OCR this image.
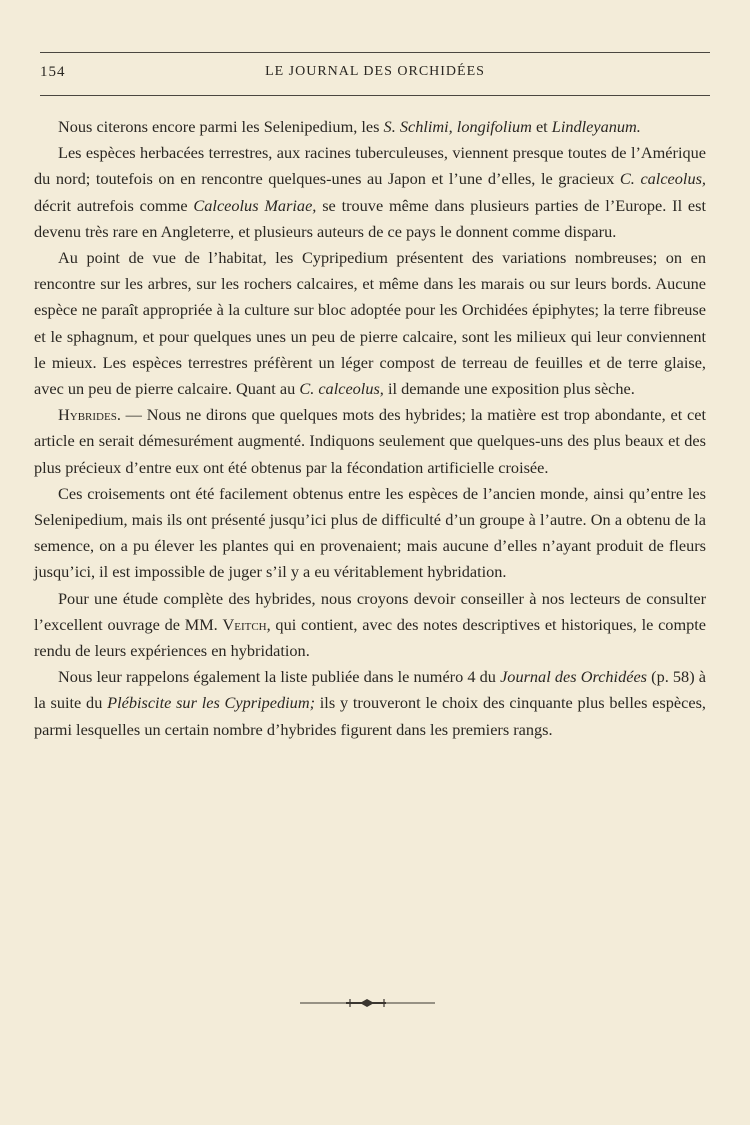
154	LE JOURNAL DES ORCHIDÉES

Nous citerons encore parmi les Selenipedium, les S. Schlimi, longifolium et Lindleyanum.

Les espèces herbacées terrestres, aux racines tuberculeuses, viennent presque toutes de l’Amérique du nord; toutefois on en rencontre quelques-unes au Japon et l’une d’elles, le gracieux C. calceolus, décrit autrefois comme Calceolus Mariae, se trouve même dans plusieurs parties de l’Europe. Il est devenu très rare en Angleterre, et plusieurs auteurs de ce pays le donnent comme disparu.

Au point de vue de l’habitat, les Cypripedium présentent des variations nombreuses; on en rencontre sur les arbres, sur les rochers calcaires, et même dans les marais ou sur leurs bords. Aucune espèce ne paraît appropriée à la culture sur bloc adoptée pour les Orchidées épiphytes; la terre fibreuse et le sphagnum, et pour quelques unes un peu de pierre calcaire, sont les milieux qui leur conviennent le mieux. Les espèces terrestres préfèrent un léger compost de terreau de feuilles et de terre glaise, avec un peu de pierre calcaire. Quant au C. calceolus, il demande une exposition plus sèche.

Hybrides. — Nous ne dirons que quelques mots des hybrides; la matière est trop abondante, et cet article en serait démesurément augmenté. Indiquons seulement que quelques-uns des plus beaux et des plus précieux d’entre eux ont été obtenus par la fécondation artificielle croisée.

Ces croisements ont été facilement obtenus entre les espèces de l’ancien monde, ainsi qu’entre les Selenipedium, mais ils ont présenté jusqu’ici plus de difficulté d’un groupe à l’autre. On a obtenu de la semence, on a pu élever les plantes qui en provenaient; mais aucune d’elles n’ayant produit de fleurs jusqu’ici, il est impossible de juger s’il y a eu véritablement hybridation.

Pour une étude complète des hybrides, nous croyons devoir conseiller à nos lecteurs de consulter l’excellent ouvrage de MM. Veitch, qui contient, avec des notes descriptives et historiques, le compte rendu de leurs expériences en hybridation.

Nous leur rappelons également la liste publiée dans le numéro 4 du Journal des Orchidées (p. 58) à la suite du Plébiscite sur les Cypripedium; ils y trouveront le choix des cinquante plus belles espèces, parmi lesquelles un certain nombre d’hybrides figurent dans les premiers rangs.
